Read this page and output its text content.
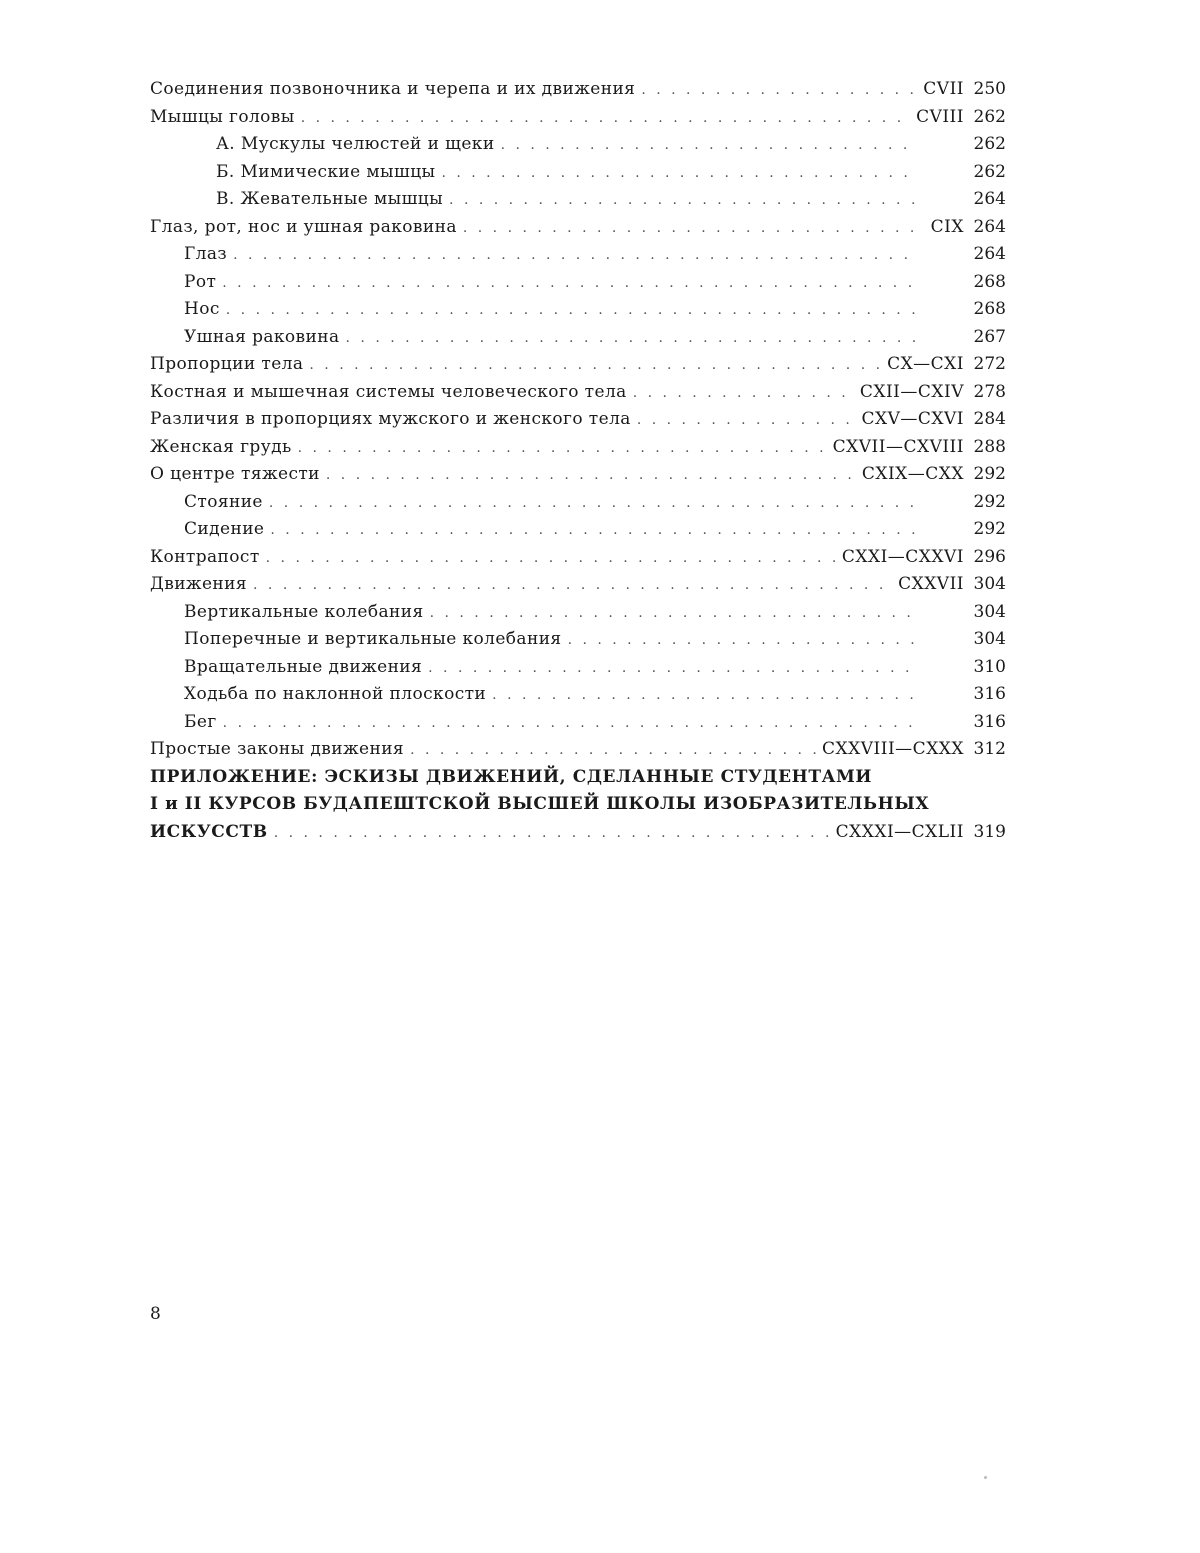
Соединения позвоночника и черепа и их движения . . .	CVII 250
Мышцы головы . . .	CVIII 262
А. Мускулы челюстей и щеки . . .	262
Б. Мимические мышцы . . .	262
В. Жевательные мышцы . . .	264
Глаз, рот, нос и ушная раковина . . .	CIX 264
Глаз . . .	264
Рот . . .	268
Нос . . .	268
Ушная раковина . . .	267
Пропорции тела . . .	CX—CXI 272
Костная и мышечная системы человеческого тела . . .	CXII—CXIV 278
Различия в пропорциях мужского и женского тела . . .	CXV—CXVI 284
Женская грудь . . .	CXVII—CXVIII 288
О центре тяжести . . .	CXIX—CXX 292
Стояние . . .	292
Сидение . . .	292
Контрапост . . .	CXXI—CXXVI 296
Движения . . .	CXXVII 304
Вертикальные колебания . . .	304
Поперечные и вертикальные колебания . . .	304
Вращательные движения . . .	310
Ходьба по наклонной плоскости . . .	316
Бег . . .	316
Простые законы движения . . .	CXXVIII—CXXX 312
ПРИЛОЖЕНИЕ: ЭСКИЗЫ ДВИЖЕНИЙ, СДЕЛАННЫЕ СТУДЕНТАМИ
I и II КУРСОВ БУДАПЕШТСКОЙ ВЫСШЕЙ ШКОЛЫ ИЗОБРАЗИТЕЛЬНЫХ
ИСКУССТВ . . .	CXXXI—CXLII 319
8
